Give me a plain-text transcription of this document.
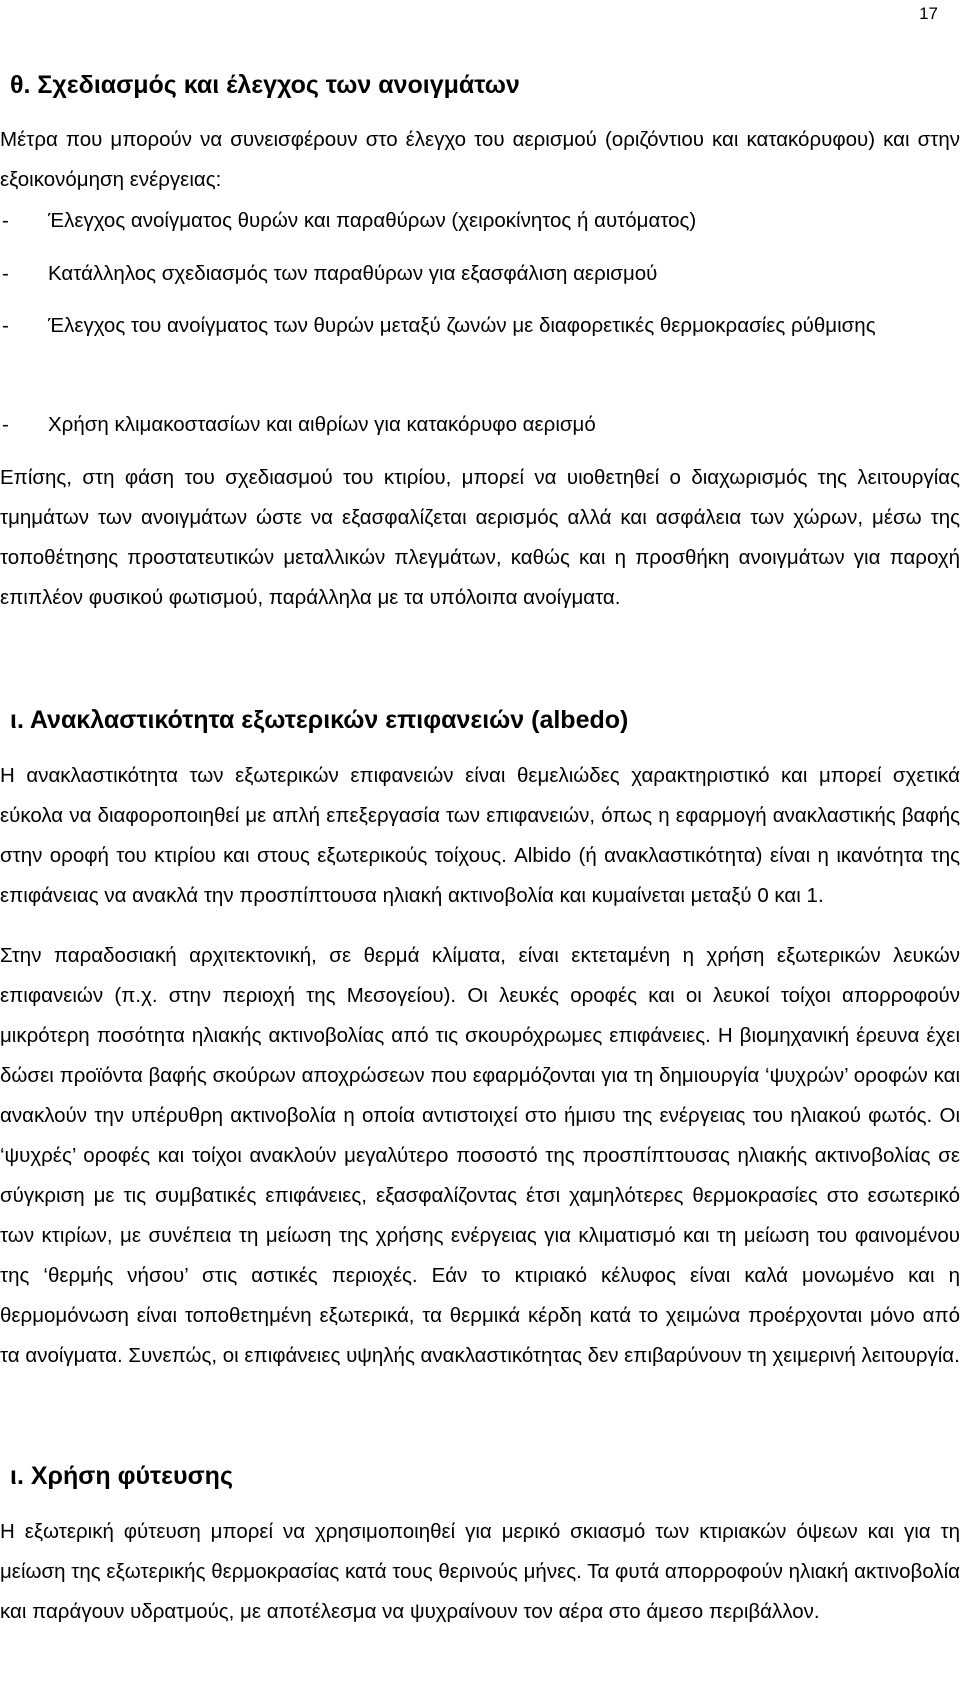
17
θ. Σχεδιασμός και έλεγχος των ανοιγμάτων

Μέτρα που μπορούν να συνεισφέρουν στο έλεγχο του αερισμού (οριζόντιου και κατακόρυφου) και στην εξοικονόμηση ενέργειας:

- Έλεγχος ανοίγματος θυρών και παραθύρων (χειροκίνητος ή αυτόματος)
- Κατάλληλος σχεδιασμός των παραθύρων για εξασφάλιση αερισμού
- Έλεγχος του ανοίγματος των θυρών μεταξύ ζωνών με διαφορετικές θερμοκρασίες ρύθμισης
- Χρήση κλιμακοστασίων και αιθρίων για κατακόρυφο αερισμό

Επίσης, στη φάση του σχεδιασμού του κτιρίου, μπορεί να υιοθετηθεί ο διαχωρισμός της λειτουργίας τμημάτων των ανοιγμάτων ώστε να εξασφαλίζεται αερισμός αλλά και ασφάλεια των χώρων, μέσω της τοποθέτησης προστατευτικών μεταλλικών πλεγμάτων, καθώς και η προσθήκη ανοιγμάτων για παροχή επιπλέον φυσικού φωτισμού, παράλληλα με τα υπόλοιπα ανοίγματα.

ι. Ανακλαστικότητα εξωτερικών επιφανειών (albedo)

Η ανακλαστικότητα των εξωτερικών επιφανειών είναι θεμελιώδες χαρακτηριστικό και μπορεί σχετικά εύκολα να διαφοροποιηθεί με απλή επεξεργασία των επιφανειών, όπως η εφαρμογή ανακλαστικής βαφής στην οροφή του κτιρίου και στους εξωτερικούς τοίχους. Albido (ή ανακλαστικότητα) είναι η ικανότητα της επιφάνειας να ανακλά την προσπίπτουσα ηλιακή ακτινοβολία και κυμαίνεται μεταξύ 0 και 1.

Στην παραδοσιακή αρχιτεκτονική, σε θερμά κλίματα, είναι εκτεταμένη η χρήση εξωτερικών λευκών επιφανειών (π.χ. στην περιοχή της Μεσογείου). Οι λευκές οροφές και οι λευκοί τοίχοι απορροφούν μικρότερη ποσότητα ηλιακής ακτινοβολίας από τις σκουρόχρωμες επιφάνειες. Η βιομηχανική έρευνα έχει δώσει προϊόντα βαφής σκούρων αποχρώσεων που εφαρμόζονται για τη δημιουργία ‘ψυχρών’ οροφών και ανακλούν την υπέρυθρη ακτινοβολία η οποία αντιστοιχεί στο ήμισυ της ενέργειας του ηλιακού φωτός. Οι ‘ψυχρές’ οροφές και τοίχοι ανακλούν μεγαλύτερο ποσοστό της προσπίπτουσας ηλιακής ακτινοβολίας σε σύγκριση με τις συμβατικές επιφάνειες, εξασφαλίζοντας έτσι χαμηλότερες θερμοκρασίες στο εσωτερικό των κτιρίων, με συνέπεια τη μείωση της χρήσης ενέργειας για κλιματισμό και τη μείωση του φαινομένου της ‘θερμής νήσου’ στις αστικές περιοχές. Εάν το κτιριακό κέλυφος είναι καλά μονωμένο και η θερμομόνωση είναι τοποθετημένη εξωτερικά, τα θερμικά κέρδη κατά το χειμώνα προέρχονται μόνο από τα ανοίγματα. Συνεπώς, οι επιφάνειες υψηλής ανακλαστικότητας δεν επιβαρύνουν τη χειμερινή λειτουργία.

ι. Χρήση φύτευσης

Η εξωτερική φύτευση μπορεί να χρησιμοποιηθεί για μερικό σκιασμό των κτιριακών όψεων και για τη μείωση της εξωτερικής θερμοκρασίας κατά τους θερινούς μήνες. Τα φυτά απορροφούν ηλιακή ακτινοβολία και παράγουν υδρατμούς, με αποτέλεσμα να ψυχραίνουν τον αέρα στο άμεσο περιβάλλον.
